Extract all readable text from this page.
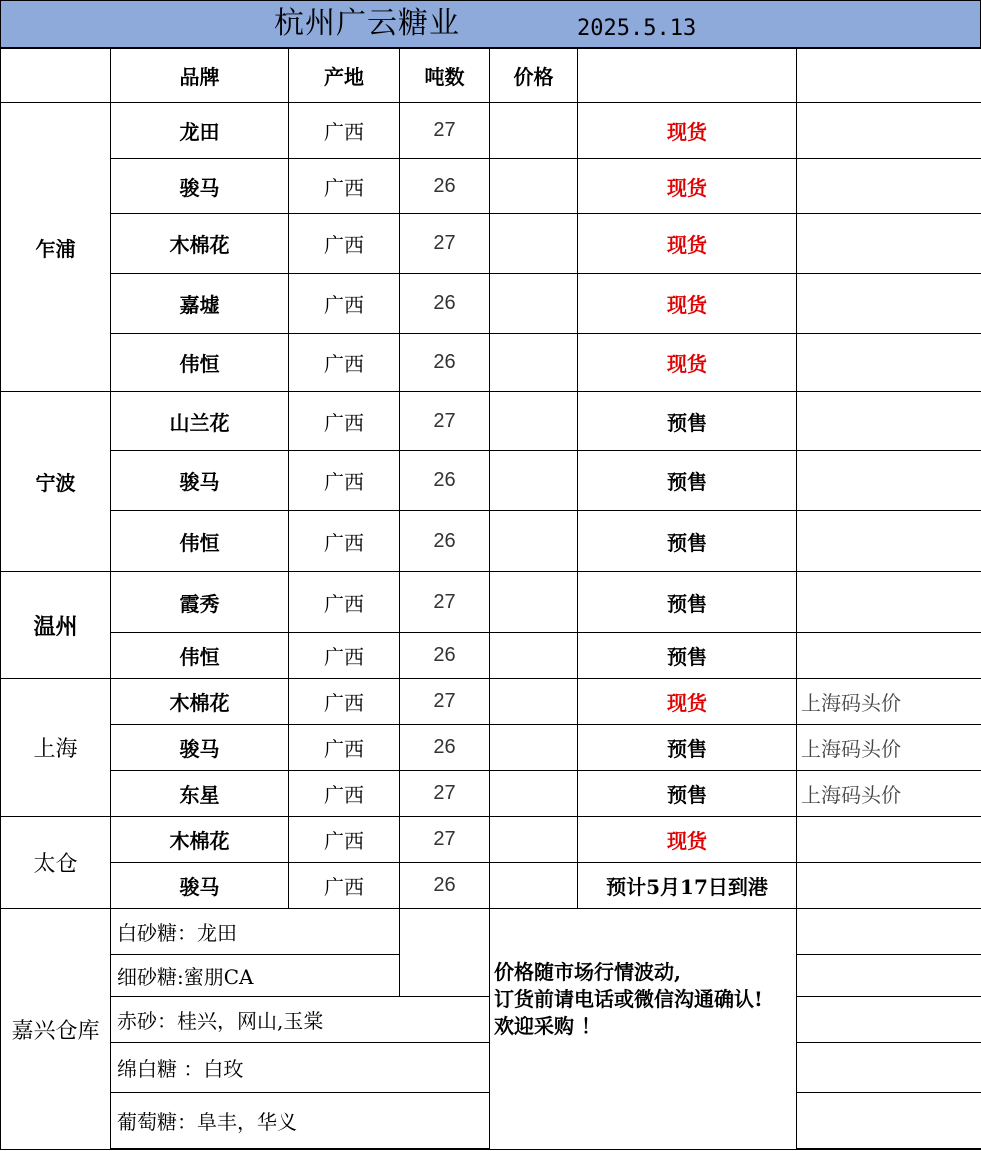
杭州广云糖业	2025.5.13
	品牌	产地	吨数	价格		
乍浦	龙田	广西	27		现货	
	骏马	广西	26		现货	
	木棉花	广西	27		现货	
	嘉墟	广西	26		现货	
	伟恒	广西	26		现货	
宁波	山兰花	广西	27		预售	
	骏马	广西	26		预售	
	伟恒	广西	26		预售	
温州	霞秀	广西	27		预售	
	伟恒	广西	26		预售	
上海	木棉花	广西	27		现货	上海码头价
	骏马	广西	26		预售	上海码头价
	东星	广西	27		预售	上海码头价
太仓	木棉花	广西	27		现货	
	骏马	广西	26		预计5月17日到港	
嘉兴仓库	白砂糖：龙田			价格随市场行情波动,
订货前请电话或微信沟通确认!
欢迎采购 ！		

	细砂糖:蜜朋CA					
	赤砂：桂兴，网山,玉棠					
	绵白糖 ：白玫					
	葡萄糖：阜丰，华义					
